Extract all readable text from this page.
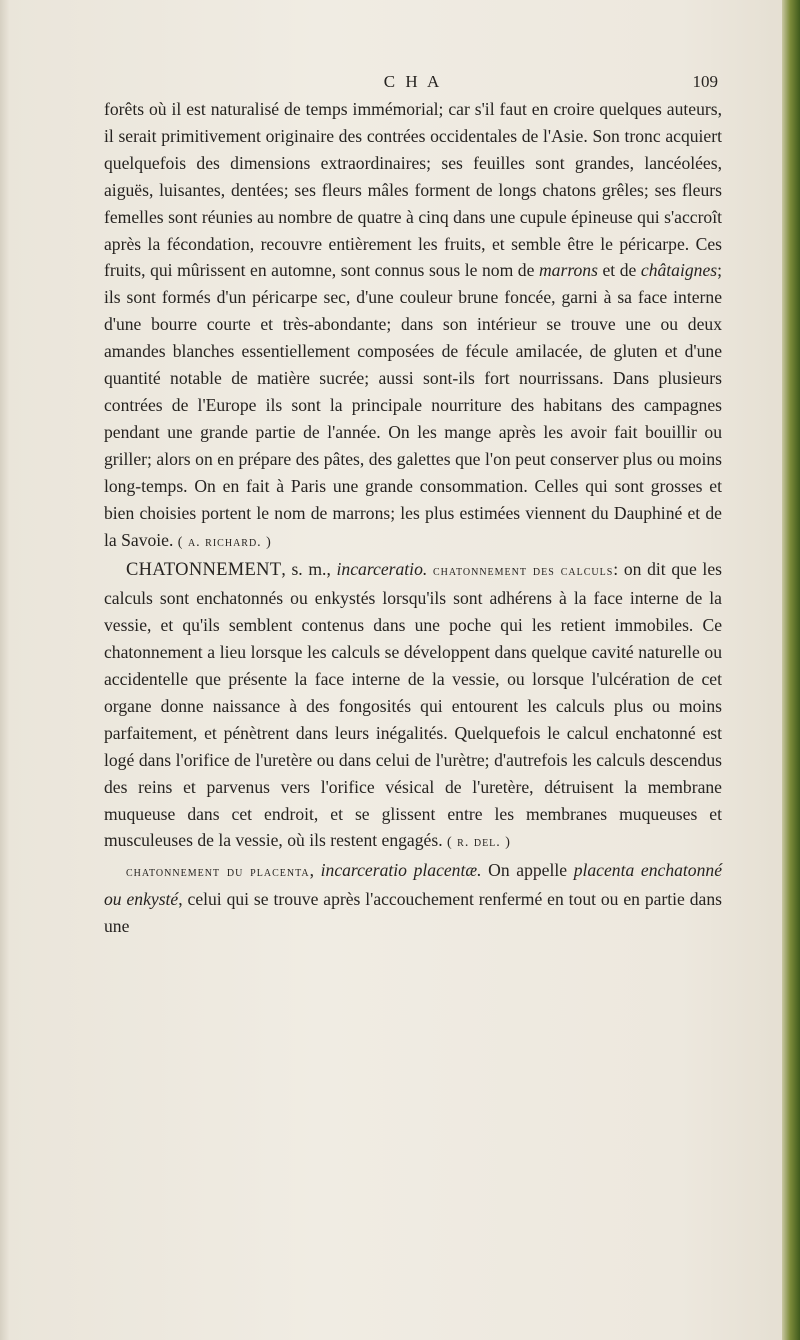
C H A	109

forêts où il est naturalisé de temps immémorial; car s'il faut en croire quelques auteurs, il serait primitivement originaire des contrées occidentales de l'Asie. Son tronc acquiert quelquefois des dimensions extraordinaires; ses feuilles sont grandes, lancéolées, aiguës, luisantes, dentées; ses fleurs mâles forment de longs chatons grêles; ses fleurs femelles sont réunies au nombre de quatre à cinq dans une cupule épineuse qui s'accroît après la fécondation, recouvre entièrement les fruits, et semble être le péricarpe. Ces fruits, qui mûrissent en automne, sont connus sous le nom de marrons et de châtaignes; ils sont formés d'un péricarpe sec, d'une couleur brune foncée, garni à sa face interne d'une bourre courte et très-abondante; dans son intérieur se trouve une ou deux amandes blanches essentiellement composées de fécule amilacée, de gluten et d'une quantité notable de matière sucrée; aussi sont-ils fort nourrissans. Dans plusieurs contrées de l'Europe ils sont la principale nourriture des habitans des campagnes pendant une grande partie de l'année. On les mange après les avoir fait bouillir ou griller; alors on en prépare des pâtes, des galettes que l'on peut conserver plus ou moins long-temps. On en fait à Paris une grande consommation. Celles qui sont grosses et bien choisies portent le nom de marrons; les plus estimées viennent du Dauphiné et de la Savoie. ( a. richard. )

CHATONNEMENT, s. m., incarceratio. chatonnement des calculs: on dit que les calculs sont enchatonnés ou enkystés lorsqu'ils sont adhérens à la face interne de la vessie, et qu'ils semblent contenus dans une poche qui les retient immobiles. Ce chatonnement a lieu lorsque les calculs se développent dans quelque cavité naturelle ou accidentelle que présente la face interne de la vessie, ou lorsque l'ulcération de cet organe donne naissance à des fongosités qui entourent les calculs plus ou moins parfaitement, et pénètrent dans leurs inégalités. Quelquefois le calcul enchatonné est logé dans l'orifice de l'uretère ou dans celui de l'urètre; d'autrefois les calculs descendus des reins et parvenus vers l'orifice vésical de l'uretère, détruisent la membrane muqueuse dans cet endroit, et se glissent entre les membranes muqueuses et musculeuses de la vessie, où ils restent engagés. ( r. del. )

chatonnement du placenta, incarceratio placentæ. On appelle placenta enchatonné ou enkysté, celui qui se trouve après l'accouchement renfermé en tout ou en partie dans une
